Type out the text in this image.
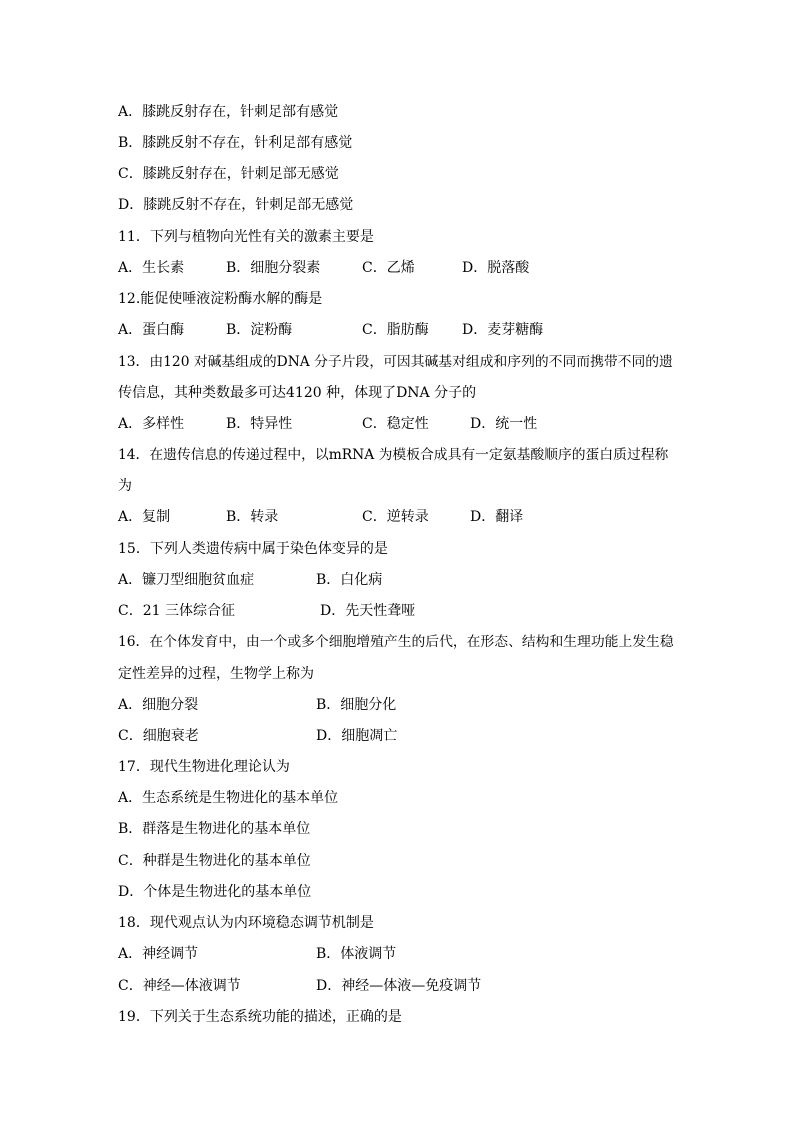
A．膝跳反射存在，针刺足部有感觉
B．膝跳反射不存在，针利足部有感觉
C．膝跳反射存在，针刺足部无感觉
D．膝跳反射不存在，针刺足部无感觉
11．下列与植物向光性有关的激素主要是
A．生长素	B．细胞分裂素	C．乙烯	D．脱落酸
12.能促使唾液淀粉酶水解的酶是
A．蛋白酶	B．淀粉酶	C．脂肪酶 D．麦芽糖酶
13．由120 对碱基组成的DNA 分子片段，可因其碱基对组成和序列的不同而携带不同的遗
传信息，其种类数最多可达4120 种，体现了DNA 分子的
A．多样性	B．特异性	C．稳定性	D．统一性
14．在遗传信息的传递过程中，以mRNA 为模板合成具有一定氨基酸顺序的蛋白质过程称
为
A．复制	B．转录	C．逆转录	D．翻译
15．下列人类遗传病中属于染色体变异的是
A．镰刀型细胞贫血症	B．白化病
C．21 三体综合征	D．先天性聋哑
16．在个体发育中，由一个或多个细胞增殖产生的后代，在形态、结构和生理功能上发生稳
定性差异的过程，生物学上称为
A．细胞分裂	B．细胞分化
C．细胞衰老	D．细胞凋亡
17．现代生物进化理论认为
A．生态系统是生物进化的基本单位
B．群落是生物进化的基本单位
C．种群是生物进化的基本单位
D．个体是生物进化的基本单位
18．现代观点认为内环境稳态调节机制是
A．神经调节	B．体液调节
C．神经—体液调节	D．神经—体液—免疫调节
19．下列关于生态系统功能的描述，正确的是
